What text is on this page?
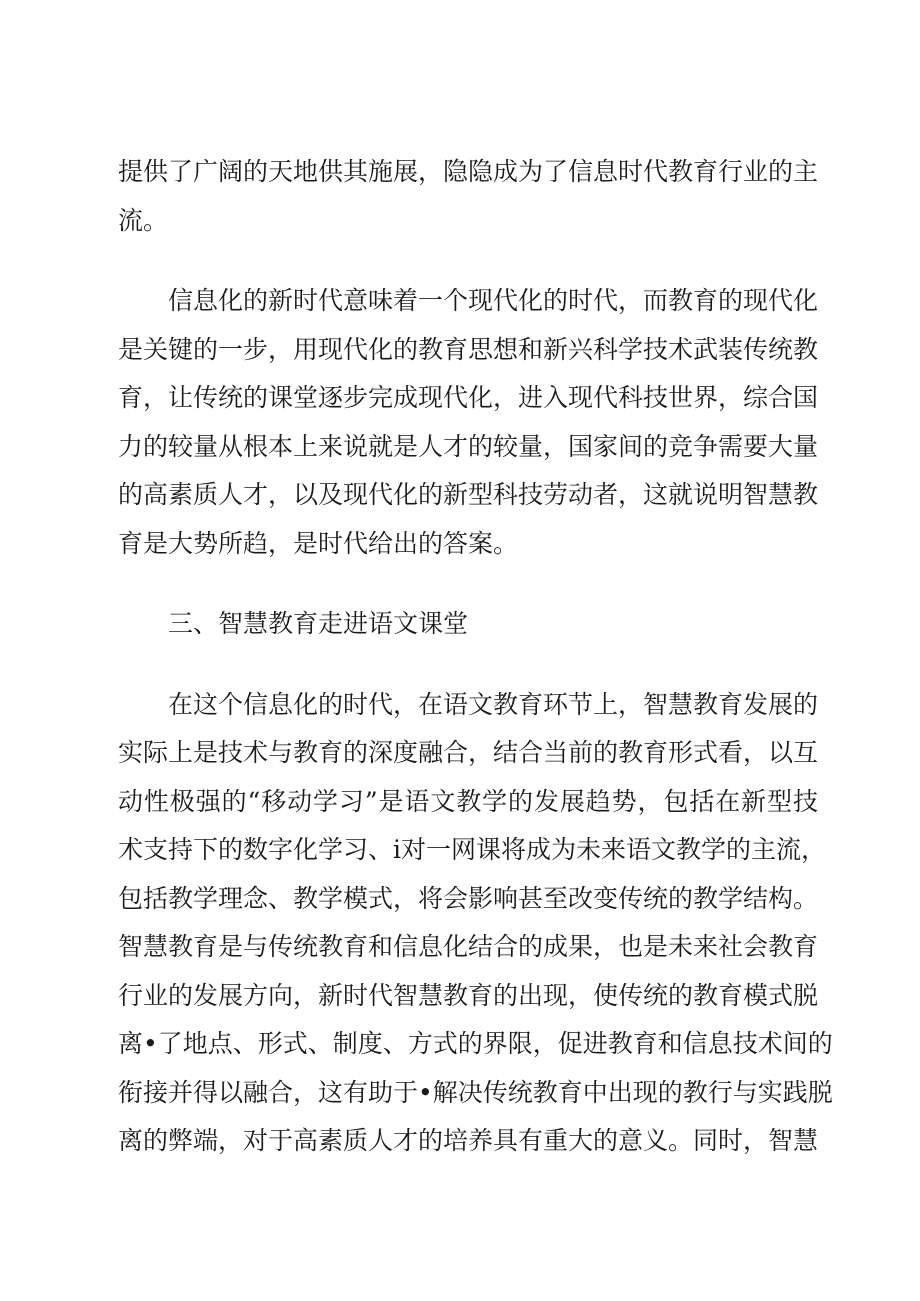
提供了广阔的天地供其施展，隐隐成为了信息时代教育行业的主
流。
信息化的新时代意味着一个现代化的时代，而教育的现代化
是关键的一步，用现代化的教育思想和新兴科学技术武装传统教
育，让传统的课堂逐步完成现代化，进入现代科技世界，综合国
力的较量从根本上来说就是人才的较量，国家间的竞争需要大量
的高素质人才，以及现代化的新型科技劳动者，这就说明智慧教
育是大势所趋，是时代给出的答案。
三、智慧教育走进语文课堂
在这个信息化的时代，在语文教育环节上，智慧教育发展的
实际上是技术与教育的深度融合，结合当前的教育形式看，以互
动性极强的“移动学习”是语文教学的发展趋势，包括在新型技
术支持下的数字化学习、i对一网课将成为未来语文教学的主流，
包括教学理念、教学模式，将会影响甚至改变传统的教学结构。
智慧教育是与传统教育和信息化结合的成果，也是未来社会教育
行业的发展方向，新时代智慧教育的出现，使传统的教育模式脱
离•了地点、形式、制度、方式的界限，促进教育和信息技术间的
衔接并得以融合，这有助于•解决传统教育中出现的教行与实践脱
离的弊端，对于高素质人才的培养具有重大的意义。同时，智慧
